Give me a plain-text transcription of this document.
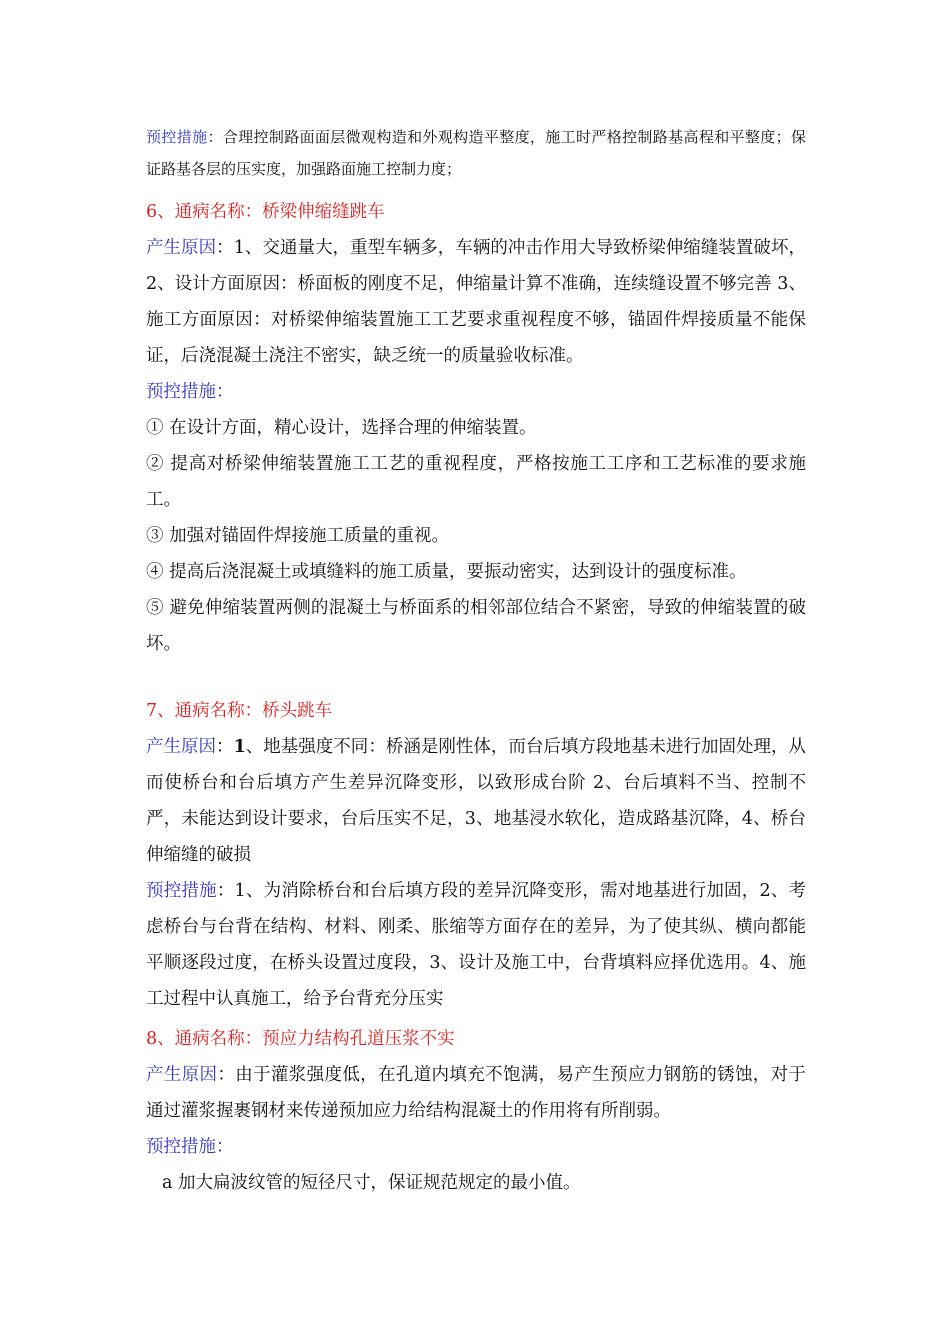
预控措施：合理控制路面面层微观构造和外观构造平整度，施工时严格控制路基高程和平整度；保证路基各层的压实度，加强路面施工控制力度；
6、通病名称：桥梁伸缩缝跳车
产生原因：1、交通量大，重型车辆多，车辆的冲击作用大导致桥梁伸缩缝装置破坏，2、设计方面原因：桥面板的刚度不足，伸缩量计算不准确，连续缝设置不够完善 3、施工方面原因：对桥梁伸缩装置施工工艺要求重视程度不够，锚固件焊接质量不能保证，后浇混凝土浇注不密实，缺乏统一的质量验收标准。
预控措施：
① 在设计方面，精心设计，选择合理的伸缩装置。
② 提高对桥梁伸缩装置施工工艺的重视程度，严格按施工工序和工艺标准的要求施工。
③ 加强对锚固件焊接施工质量的重视。
④ 提高后浇混凝土或填缝料的施工质量，要振动密实，达到设计的强度标准。
⑤ 避免伸缩装置两侧的混凝土与桥面系的相邻部位结合不紧密，导致的伸缩装置的破坏。
7、通病名称：桥头跳车
产生原因：1、地基强度不同：桥涵是刚性体，而台后填方段地基未进行加固处理，从而使桥台和台后填方产生差异沉降变形，以致形成台阶 2、台后填料不当、控制不严，未能达到设计要求，台后压实不足，3、地基浸水软化，造成路基沉降，4、桥台伸缩缝的破损
预控措施：1、为消除桥台和台后填方段的差异沉降变形，需对地基进行加固，2、考虑桥台与台背在结构、材料、刚柔、胀缩等方面存在的差异，为了使其纵、横向都能平顺逐段过度，在桥头设置过度段，3、设计及施工中，台背填料应择优选用。4、施工过程中认真施工，给予台背充分压实
8、通病名称：预应力结构孔道压浆不实
产生原因：由于灌浆强度低，在孔道内填充不饱满，易产生预应力钢筋的锈蚀，对于通过灌浆握裹钢材来传递预加应力给结构混凝土的作用将有所削弱。
预控措施：
a 加大扁波纹管的短径尺寸，保证规范规定的最小值。
